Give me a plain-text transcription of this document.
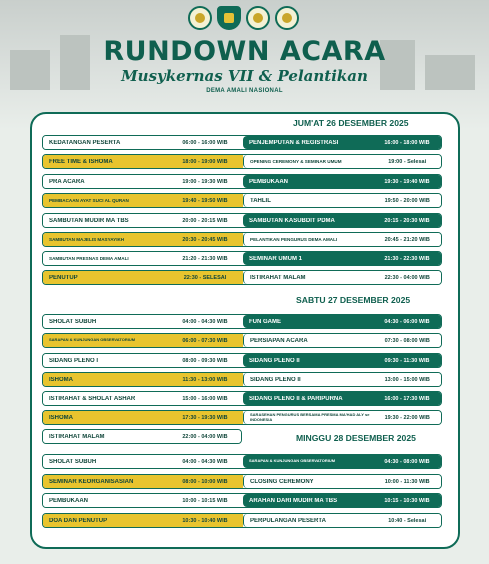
RUNDOWN ACARA
Musykernas VII & Pelantikan
DEMA AMALI NASIONAL
JUM'AT 26 DESEMBER 2025
SABTU 27 DESEMBER 2025
MINGGU 28 DESEMBER 2025
KEDATANGAN PESERTA	06:00 - 16:00 WIB	PENJEMPUTAN & REGISTRASI	16:00 - 18:00 WIB
FREE TIME & ISHOMA	18:00 - 19:00 WIB	OPENING CEREMONY & SEMINAR UMUM	19:00 - Selesai
PRA ACARA	19:00 - 19:30 WIB	PEMBUKAAN	19:30 - 19:40 WIB
PEMBACAAN AYAT SUCI AL QURAN	19:40 - 19:50 WIB	TAHLIL	19:50 - 20:00 WIB
SAMBUTAN MUDIR MA TBS	20:00 - 20:15 WIB	SAMBUTAN KASUBDIT PDMA	20:15 - 20:30 WIB
SAMBUTAN MAJELIS MASYAYIKH	20:30 - 20:45 WIB	PELANTIKAN PENGURUS DEMA AMALI	20:45 - 21:20 WIB
SAMBUTAN PRESNAS DEMA AMALI	21:20 - 21:30 WIB	SEMINAR UMUM 1	21:30 - 22:30 WIB
PENUTUP	22:30 - SELESAI	ISTIRAHAT MALAM	22:30 - 04:00 WIB
SHOLAT SUBUH	04:00 - 04:30 WIB	FUN GAME	04:30 - 06:00 WIB
SARAPAN & KUNJUNGAN OBSERVATORIUM	06:00 - 07:30 WIB	PERSIAPAN ACARA	07:30 - 08:00 WIB
SIDANG PLENO I	08:00 - 09:30 WIB	SIDANG PLENO II	09:30 - 11:30 WIB
ISHOMA	11:30 - 13:00 WIB	SIDANG PLENO II	13:00 - 15:00 WIB
ISTIRAHAT & SHOLAT ASHAR	15:00 - 16:00 WIB	SIDANG PLENO II & PARIPURNA	16:00 - 17:30 WIB
ISHOMA	17:30 - 19:30 WIB	SARASEHAN PENGURUS BERSAMA PRESMA MA'HAD ALY se INDONESIA	19:30 - 22:00 WIB
ISTIRAHAT MALAM	22:00 - 04:00 WIB
SHOLAT SUBUH	04:00 - 04:30 WIB	SARAPAN & KUNJUNGAN OBSERVATORIUM	04:30 - 08:00 WIB
SEMINAR KEORGANISASIAN	08:00 - 10:00 WIB	CLOSING CEREMONY	10:00 - 11:30 WIB
PEMBUKAAN	10:00 - 10:15 WIB	ARAHAN DARI MUDIR MA TBS	10:15 - 10:30 WIB
DOA DAN PENUTUP	10:30 - 10:40 WIB	PERPULANGAN PESERTA	10:40 - Selesai
